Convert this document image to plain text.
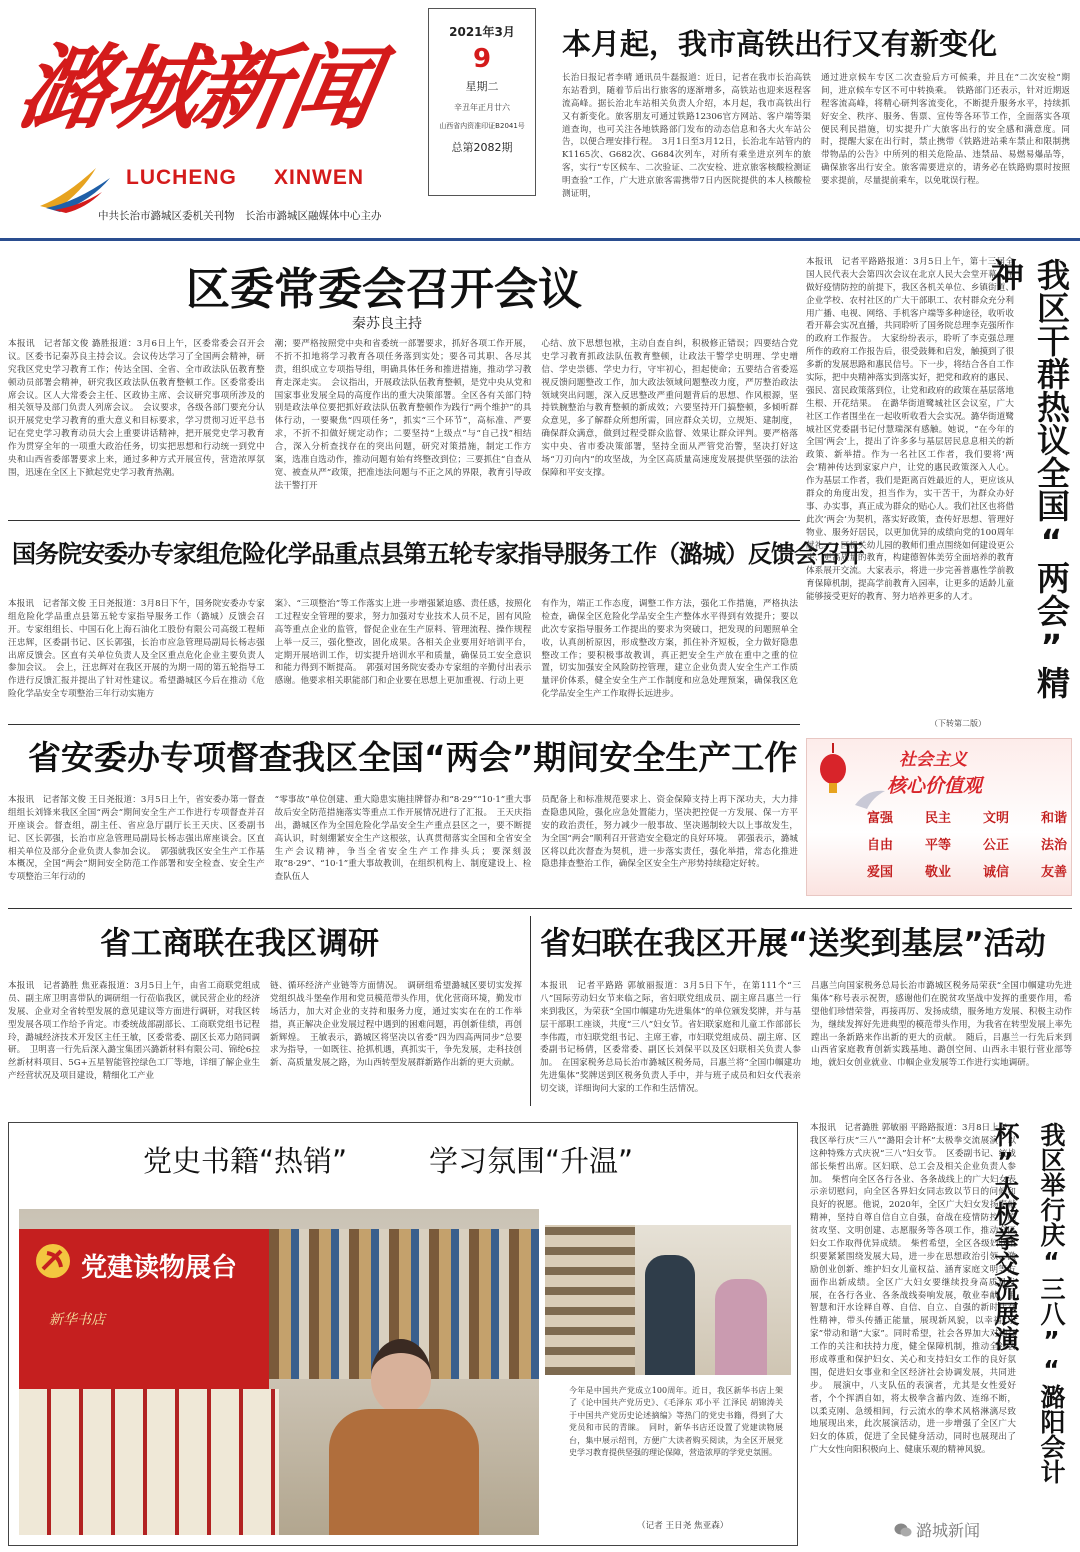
潞城新闻
LUCHENG XINWEN
中共长治市潞城区委机关刊物　长治市潞城区融媒体中心主办
2021年3月
9
星期二
辛丑年正月廿六
山西省内资准印证B2041号
总第2082期
本月起，我市高铁出行又有新变化
长治日报记者李晴 通讯员牛磊报道：近日，记者在我市长治高铁东站看到，随着节后出行旅客的逐渐增多，高铁站也迎来返程客流高峰。据长治北车站相关负责人介绍，本月起，我市高铁出行又有新变化。旅客朋友可通过铁路12306官方网站、客户端等渠道查询，也可关注各地铁路部门发布的动态信息和各大火车站公告，以便合理安排行程。　3月1日至3月12日，长治北车站管内的K1165次、G682次、G684次列车，对所有乘坐进京列车的旅客，实行“专区候车、二次验证、二次安检、进京旅客核酸检测证明查验”工作，广大进京旅客需携带7日内医院提供的本人核酸检测证明，
通过进京候车专区二次查验后方可候乘，并且在“二次安检”期间，进京候车专区不可中转换乘。　铁路部门还表示，针对近期返程客流高峰，将精心研判客流变化，不断提升服务水平，持续抓好安全、秩序、服务、售票、宣传等各环节工作，全面落实各项便民利民措施，切实提升广大旅客出行的安全感和满意度。同时，提醒大家在出行时，禁止携带《铁路进站乘车禁止和限制携带物品的公告》中所列的相关危险品、违禁品、易燃易爆品等，确保旅客出行安全。旅客需要进京的，请务必在铁路购票时按照要求提前，尽量提前乘车，以免耽误行程。
区委常委会召开会议
秦苏良主持
本报讯　记者郜文俊 潞胜报道：3月6日上午，区委常委会召开会议。区委书记秦苏良主持会议。会议传达学习了全国两会精神，研究我区党史学习教育工作；传达全国、全省、全市政法队伍教育整顿动员部署会精神，研究我区政法队伍教育整顿工作。区委常委出席会议。区人大常委会主任、区政协主席、会议研究事项所涉及的相关领导及部门负责人列席会议。　会议要求，各级各部门要充分认识开展党史学习教育的重大意义和目标要求，学习贯彻习近平总书记在党史学习教育动员大会上重要讲话精神，把开展党史学习教育作为贯穿全年的一项重大政治任务，切实把思想和行动统一到党中央和山西省委部署要求上来，通过多种方式开展宣传，营造浓厚氛围，迅速在全区上下掀起党史学习教育热潮。
潮；要严格按照党中央和省委统一部署要求，抓好各项工作开展，不折不扣地将学习教育各项任务落到实处；要各司其职、各尽其责，组织成立专项指导组，明确具体任务和推进措施，推动学习教育走深走实。　会议指出，开展政法队伍教育整顿，是党中央从党和国家事业发展全局的高度作出的重大决策部署。全区各有关部门特别是政法单位要把抓好政法队伍教育整顿作为践行“两个维护”的具体行动，一要聚焦“四项任务”，抓实“三个环节”，高标准、严要求，不折不扣做好规定动作；二要坚持“上级点”与“自己找”相结合，深入分析查找存在的突出问题，研究对策措施，制定工作方案，选准自选动作，推动问题有始有终整改到位；三要抓住“自查从宽、被查从严”政策，把准违法问题与不正之风的界限，教育引导政法干警打开
心结、放下思想包袱，主动自查自纠，积极修正错误；四要结合党史学习教育抓政法队伍教育整顿，让政法干警学史明理、学史增信、学史崇德、学史力行，守牢初心，担起使命；五要结合省委巡视反馈问题整改工作，加大政法领域问题整改力度，严厉整治政法领域突出问题，深入反思整改严重问题背后的思想、作风根源，坚持铁腕整治与教育整顿的新成效；六要坚持开门搞整顿，多倾听群众意见，多了解群众所想所需，回应群众关切，立规矩、建制度，确保群众满意，做到过程受群众监督、效果让群众评判。要严格落实中央、省市委决策部署，坚持全面从严管党治警，坚决打好这场“刀刃向内”的攻坚战，为全区高质量高速度发展提供坚强的法治保障和平安支撑。
国务院安委办专家组危险化学品重点县第五轮专家指导服务工作（潞城）反馈会召开
本报讯　记者郜文俊 王日尧报道：3月8日下午，国务院安委办专家组危险化学品重点县第五轮专家指导服务工作（潞城）反馈会召开。专家组组长、中国石化上海石油化工股份有限公司高级工程师汪忠辉，区委副书记、区长郭强，长治市应急管理局副局长杨志强出席反馈会。区直有关单位负责人及全区重点危化企业主要负责人参加会议。　会上，汪忠辉对在我区开展的为期一周的第五轮指导工作进行反馈汇报并提出了针对性建议。希望潞城区今后在推动《危险化学品安全专项整治三年行动实施方
案》、“三项整治”等工作落实上进一步增强紧迫感、责任感，按照化工过程安全管理的要求，努力加强对专业技术人员不足，固有风险高等重点企业的监管，督促企业在生产原料、管理流程、操作规程上举一反三，强化整改，固化成果。各相关企业要用好培训平台，定期开展培训工作，切实提升培训水平和质量，确保员工安全意识和能力得到不断提高。　郭强对国务院安委办专家组的辛勤付出表示感谢。他要求相关职能部门和企业要在思想上更加重视、行动上更
有作为，端正工作态度，调整工作方法，强化工作措施，严格执法检查，确保全区危险化学品安全生产整体水平得到有效提升；要以此次专家指导服务工作提出的要求为突破口，把发现的问题照单全收，认真剖析原因，形成整改方案，抓住补齐短板，全力做好隐患整改工作；要积极事故教训，真正把安全生产放在重中之重的位置，切实加强安全风险防控管理，建立企业负责人安全生产工作质量评价体系，健全安全生产工作制度和应急处理预案，确保我区危化学品安全生产工作取得长远进步。
省安委办专项督查我区全国“两会”期间安全生产工作
本报讯　记者郜文俊 王日尧报道：3月5日上午，省安委办第一督查组组长刘锋来我区全国“两会”期间安全生产工作进行专项督查并召开座谈会。督查组，副主任、省应急厅副厅长王天庆、区委副书记、区长郭强，长治市应急管理局副局长杨志强出席座谈会。区直相关单位及部分企业负责人参加会议。　郭强就我区安全生产工作基本概况，全国“两会”期间安全防范工作部署和安全检查、安全生产专项整治三年行动的
“零事故”单位创建、重大隐患实施挂牌督办和“8·29”“10·1”重大事故后安全防范措施落实等重点工作开展情况进行了汇报。　王天庆指出，潞城区作为全国危险化学品安全生产重点县区之一，要不断提高认识，时刻绷紧安全生产这根弦，认真贯彻落实全国和全省安全生产会议精神，争当全省安全生产工作排头兵；要深刻汲取“8·29”、“10·1”重大事故教训，在组织机构上、制度建设上、检查队伍人
员配备上和标准规范要求上、资金保障支持上再下深功夫，大力排查隐患风险，强化应急处置能力，坚决把控促一方发展、保一方平安的政治责任，努力减少一般事故、坚决遏制较大以上事故发生，为全国“两会”顺利召开营造安全稳定的良好环境。　郭强表示，潞城区将以此次督查为契机，进一步落实责任，强化举措，常态化推进隐患排查整治工作，确保全区安全生产形势持续稳定好转。
本报讯　记者平路路报道：3月5日上午，第十三届全国人民代表大会第四次会议在北京人民大会堂开幕。在做好疫情防控的前提下，我区各机关单位、乡镇街道、企业学校、农村社区的广大干部职工、农村群众充分利用广播、电视、网络、手机客户端等多种途径，收听收看开幕会实况直播，共同聆听了国务院总理李克强所作的政府工作报告。　大家纷纷表示，聆听了李克强总理所作的政府工作报告后，很受鼓舞和启发，触摸到了很多新的发展思路和惠民信号。下一步，将结合各自工作实际，把中央精神落实到落实好，把党和政府的惠民、强民、富民政策落到位，让党和政府的政策在基层落地生根、开花结果。　在潞华街道鹭城社区会议室，广大社区工作者围坐在一起收听收看大会实况。潞华街道鹭城社区党委副书记付慧瑞深有感触。她说，“在今年的全国‘两会’上，提出了许多多与基层居民息息相关的新政策、新举措。作为一名社区工作者，我们要将‘两会’精神传达到家家户户，让党的惠民政策深入人心。作为基层工作者，我们是距离百姓最近的人，更应该从群众的角度出发，担当作为，实干苦干，为群众办好事、办实事，真正成为群众的贴心人。我们社区也将借此次‘两会’为契机，落实好政策，查传好思想、管理好物业、服务好居民，以更加优异的成绩向党的100周年献礼。”　区机关幼儿园的教师们重点围绕如何建设更公平、更高质量的教育，构建德智体美劳全面培养的教育体系展开交流。大家表示，将进一步完善普惠性学前教育保障机制，提高学前教育入园率，让更多的适龄儿童能够接受更好的教育、努力培养更多的人才。
（下转第二版）
我区干群热议全国“两会”精神
社会主义
核心价值观
富强 民主 文明 和谐
自由 平等 公正 法治
爱国 敬业 诚信 友善
省工商联在我区调研
本报讯　记者潞胜 焦亚森报道：3月5日上午，由省工商联党组成员、副主席卫明喜带队的调研组一行莅临我区，就民营企业的经济发展、企业对全省转型发展的意见建议等方面进行调研，对我区转型发展各项工作给予肯定。市委统战部副部长、工商联党组书记程玲，潞城经济技术开发区主任王敏，区委常委、副区长邓力陪同调研。　卫明喜一行先后深入潞宝集团兴潞新材料有限公司、锦纶6拉丝新材料项目、5G+五星智能管控绿色工厂等地，详细了解企业生产经营状况及项目建设，精细化工产业
链、循环经济产业链等方面情况。　调研组希望潞城区要切实发挥党组织战斗堡垒作用和党员模范带头作用，优化营商环境，勤发市场活力，加大对企业的支持和服务力度，通过实实在在的工作举措，真正解决企业发展过程中遇到的困难问题，再创新佳绩，再创新辉煌。　王敏表示，潞城区将坚决以省委“四为四高两同步”总要求为指导，一如既往、抢抓机遇，真抓实干，争先发展，走科技创新、高质量发展之路，为山西转型发展群新路作出新的更大贡献。
省妇联在我区开展“送奖到基层”活动
本报讯　记者平路路 郭敏丽报道：3月5日下午，在第111个“三八”国际劳动妇女节来临之际，省妇联党组成员、副主席吕惠兰一行来到我区，为荣获“全国巾帼建功先进集体”的单位颁发奖牌，并与基层干部职工座谈，共度“三八”妇女节。省妇联家庭和儿童工作部部长李伟霞，市妇联党组书记、主席王睿，市妇联党组成员、副主席、区委副书记杨倩，区委常委、副区长刘保平以及区妇联相关负责人参加。　在国家税务总局长治市潞城区税务局，吕惠兰将“全国巾帼建功先进集体”奖牌送到区税务负责人手中，并与班子成员和妇女代表亲切交谈，详细询问大家的工作和生活情况。
吕惠兰向国家税务总局长治市潞城区税务局荣获“全国巾帼建功先进集体”称号表示祝贺，感谢他们在脱贫攻坚战中发挥的重要作用，希望他们珍惜荣誉，再接再厉、发扬成绩，服务地方发展、积极主动作为，继续发挥好先进典型的模范带头作用，为我省在转型发展上率先蹚出一条新路来作出新的更大的贡献。　随后，吕惠兰一行先后来到山西省家庭教育创新实践基地、潞创空间、山西永丰银行营业部等地，就妇女创业就业、巾帼企业发展等工作进行实地调研。
党史书籍“热销”	学习氛围“升温”
党建读物展台
新华书店
今年是中国共产党成立100周年。近日，我区新华书店上架了《论中国共产党历史》、《毛泽东 邓小平 江泽民 胡锦涛关于中国共产党历史论述摘编》等热门的党史书籍，得到了大党员和市民的青睐。　同时，新华书店还设置了党建读物展台，集中展示绍刊，方便广大读者购买阅读，为全区开展党史学习教育提供坚强的理论保障，营造浓厚的学党史氛围。
（记者 王日尧 焦亚森）
本报讯　记者潞胜 郭敏丽 平路路报道：3月8日上午，我区举行庆“三八”“潞阳会计杯”太极拳交流展演，以这种特殊方式庆祝“三八”妇女节。　区委副书记、统战部长柴哲出席。区妇联、总工会及相关企业负责人参加。　柴哲向全区各行各业、各条战线上的广大妇女表示亲切慰问，向全区各界妇女同志致以节日的问候和良好的祝愿。他说，2020年，全区广大妇女发扬奉献精神，坚持自尊自信自立自强，奋战在疫情防控、脱贫攻坚、文明创建、志愿服务等各项工作，推动全区妇女工作取得优异成绩。　柴哲希望，全区各级妇联组织要紧紧围绕发展大局，进一步在思想政治引领、激励创业创新、维护妇女儿童权益、涵育家庭文明等方面作出新成绩。全区广大妇女要继续投身高质量发展，在各行各业、各条战线奏响发展，敬业奉献、用智慧和汗水诠释自尊、自信、自立、自强的新时代女性精神，带头传播正能量，展现新风貌，以幸福“小家”带动和谐“大家”。同时希望，社会各界加大对妇女工作的关注和扶持力度，健全保障机制，推动全社会形成尊重和保护妇女、关心和支持妇女工作的良好氛围，促进妇女事业和全区经济社会协调发展，共同进步。　展演中，八支队伍的表演者，尤其是女性爱好者，个个挥洒自如，将太极拳含蓄内敛、连绵不断，以柔克刚、急缓相间，行云流水的拳术风格淋漓尽致地展现出来，此次展演活动，进一步增强了全区广大妇女的体质，促进了全民健身活动，同时也展现出了广大女性向阳积极向上、健康乐观的精神风貌。	我区举行庆“三八”“潞阳会计杯”太极拳交流展演
潞城新闻
